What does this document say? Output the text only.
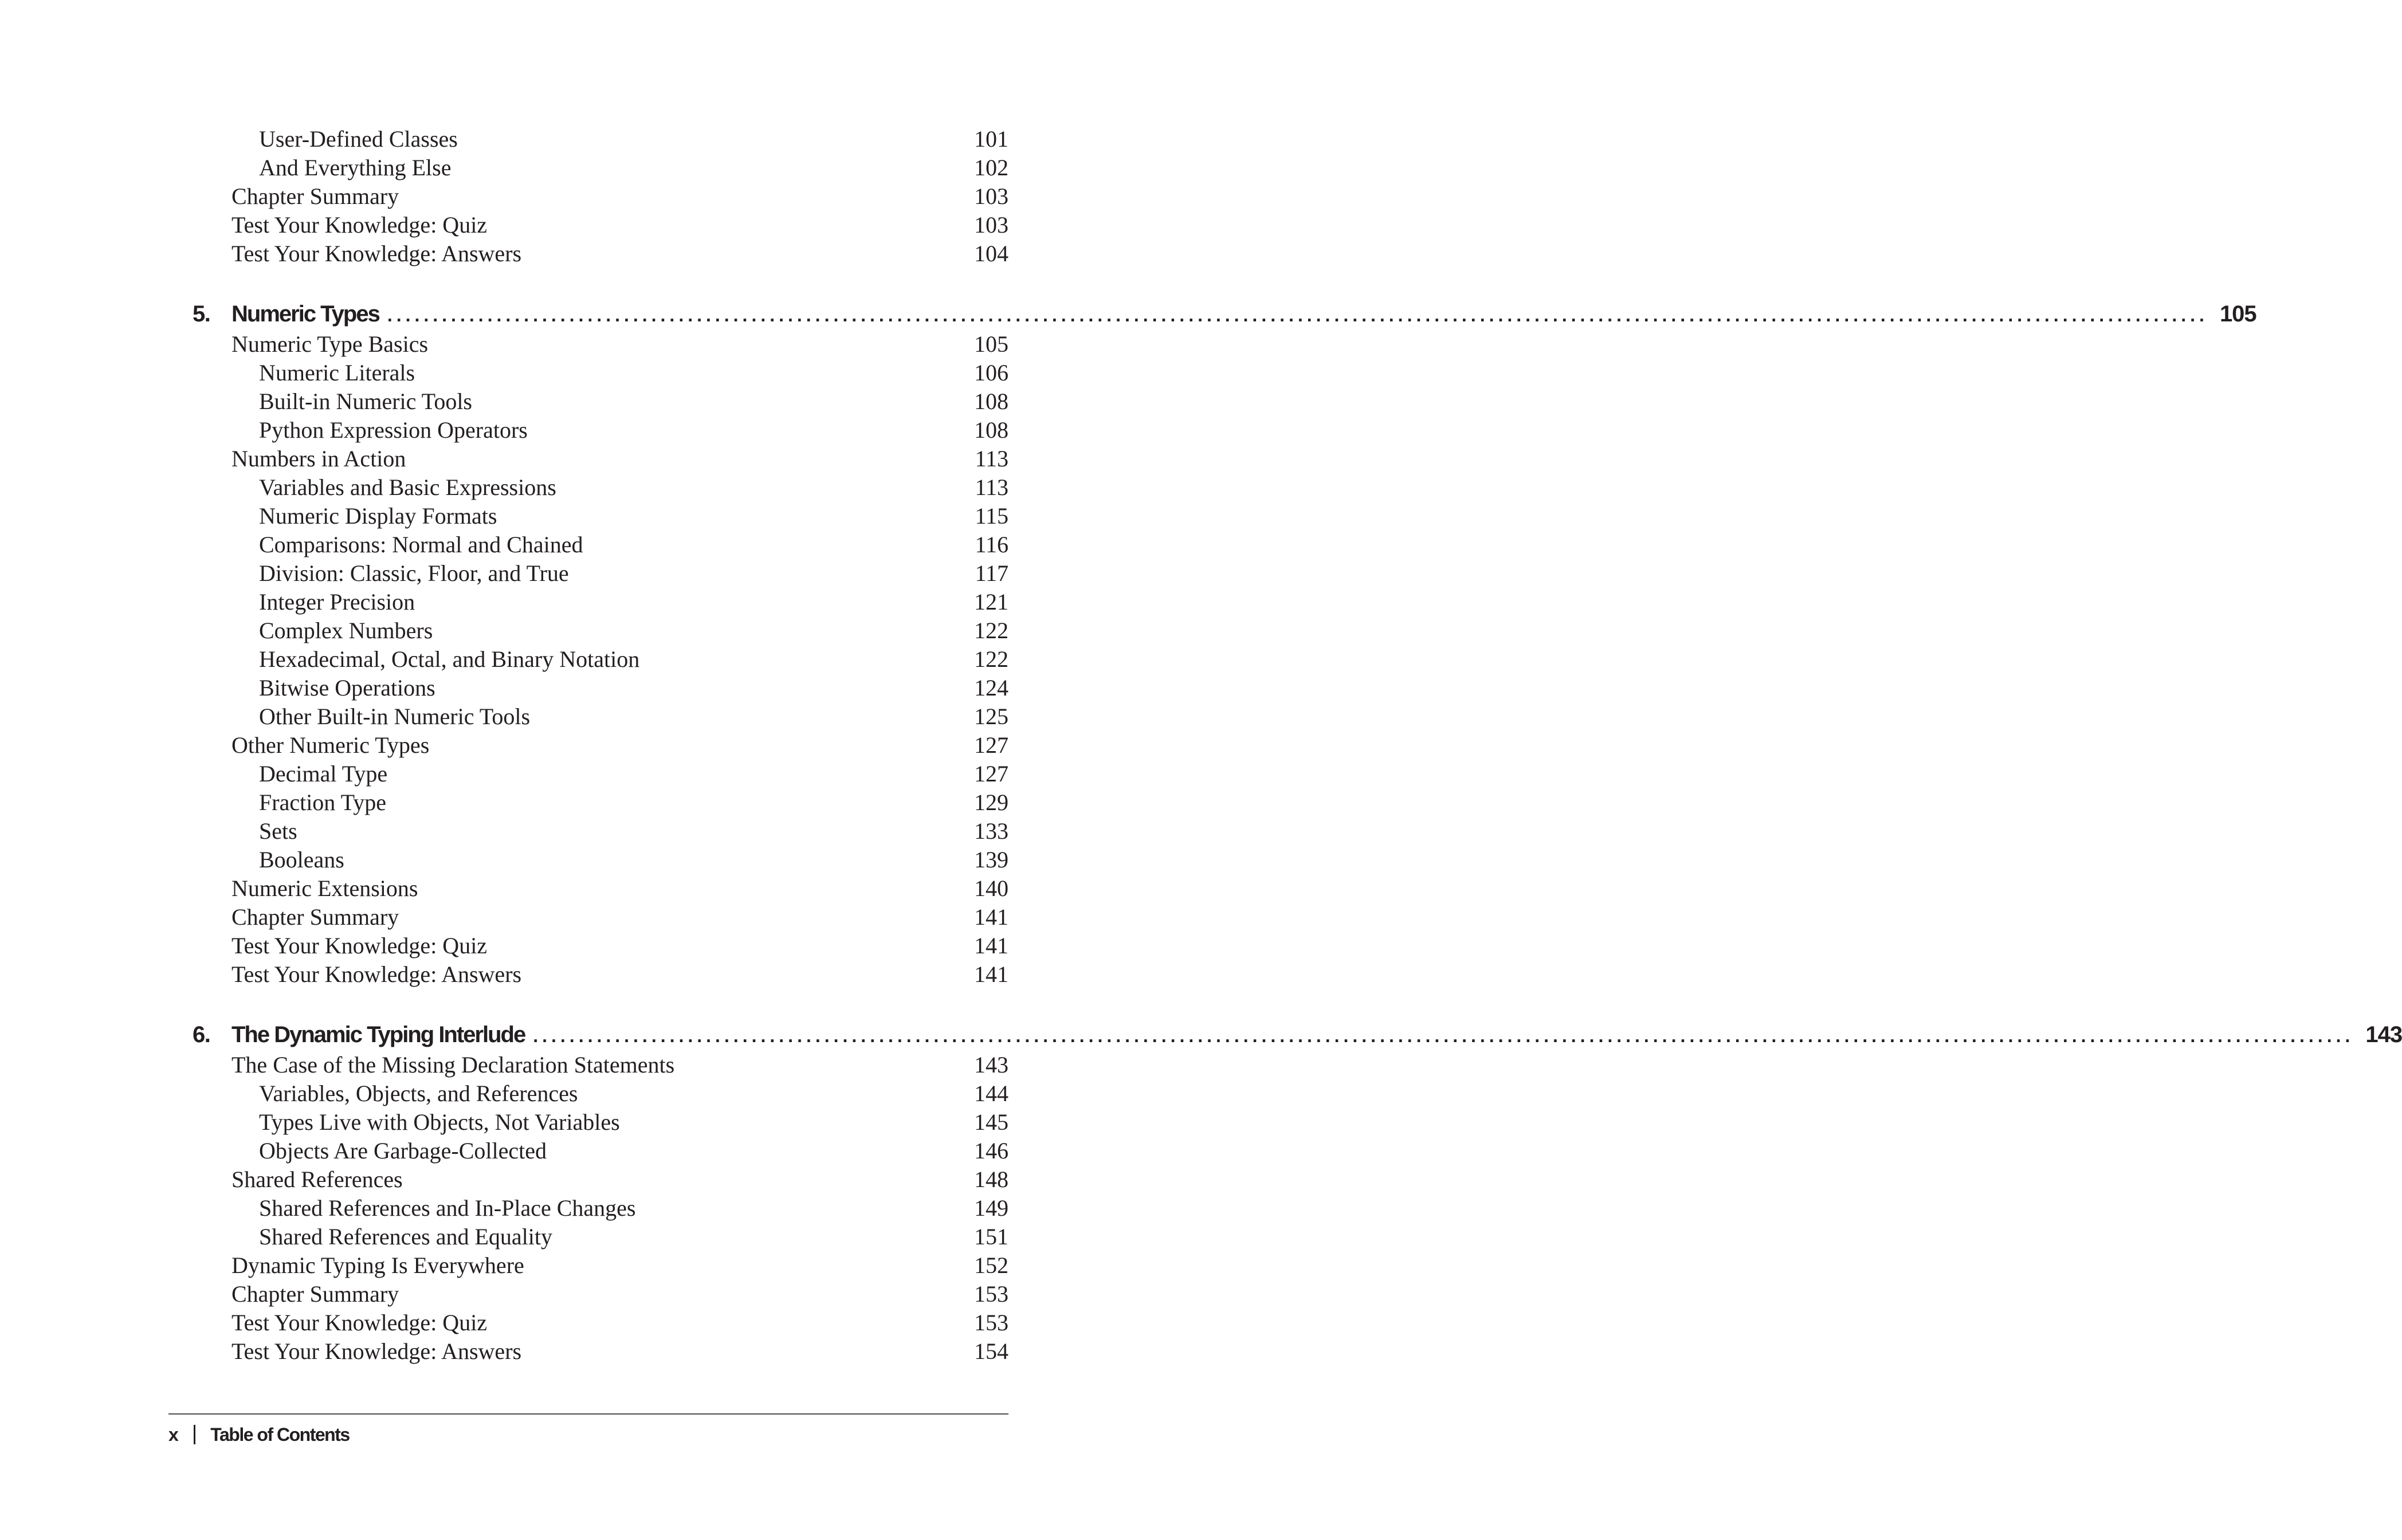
User-Defined Classes	101
And Everything Else	102
Chapter Summary	103
Test Your Knowledge: Quiz	103
Test Your Knowledge: Answers	104
5. Numeric Types ........................................................................................................................................................................................................ 105
Numeric Type Basics	105
Numeric Literals	106
Built-in Numeric Tools	108
Python Expression Operators	108
Numbers in Action	113
Variables and Basic Expressions	113
Numeric Display Formats	115
Comparisons: Normal and Chained	116
Division: Classic, Floor, and True	117
Integer Precision	121
Complex Numbers	122
Hexadecimal, Octal, and Binary Notation	122
Bitwise Operations	124
Other Built-in Numeric Tools	125
Other Numeric Types	127
Decimal Type	127
Fraction Type	129
Sets	133
Booleans	139
Numeric Extensions	140
Chapter Summary	141
Test Your Knowledge: Quiz	141
Test Your Knowledge: Answers	141
6. The Dynamic Typing Interlude ........................................................................................................................................................................................................ 143
The Case of the Missing Declaration Statements	143
Variables, Objects, and References	144
Types Live with Objects, Not Variables	145
Objects Are Garbage-Collected	146
Shared References	148
Shared References and In-Place Changes	149
Shared References and Equality	151
Dynamic Typing Is Everywhere	152
Chapter Summary	153
Test Your Knowledge: Quiz	153
Test Your Knowledge: Answers	154
x Table of Contents
